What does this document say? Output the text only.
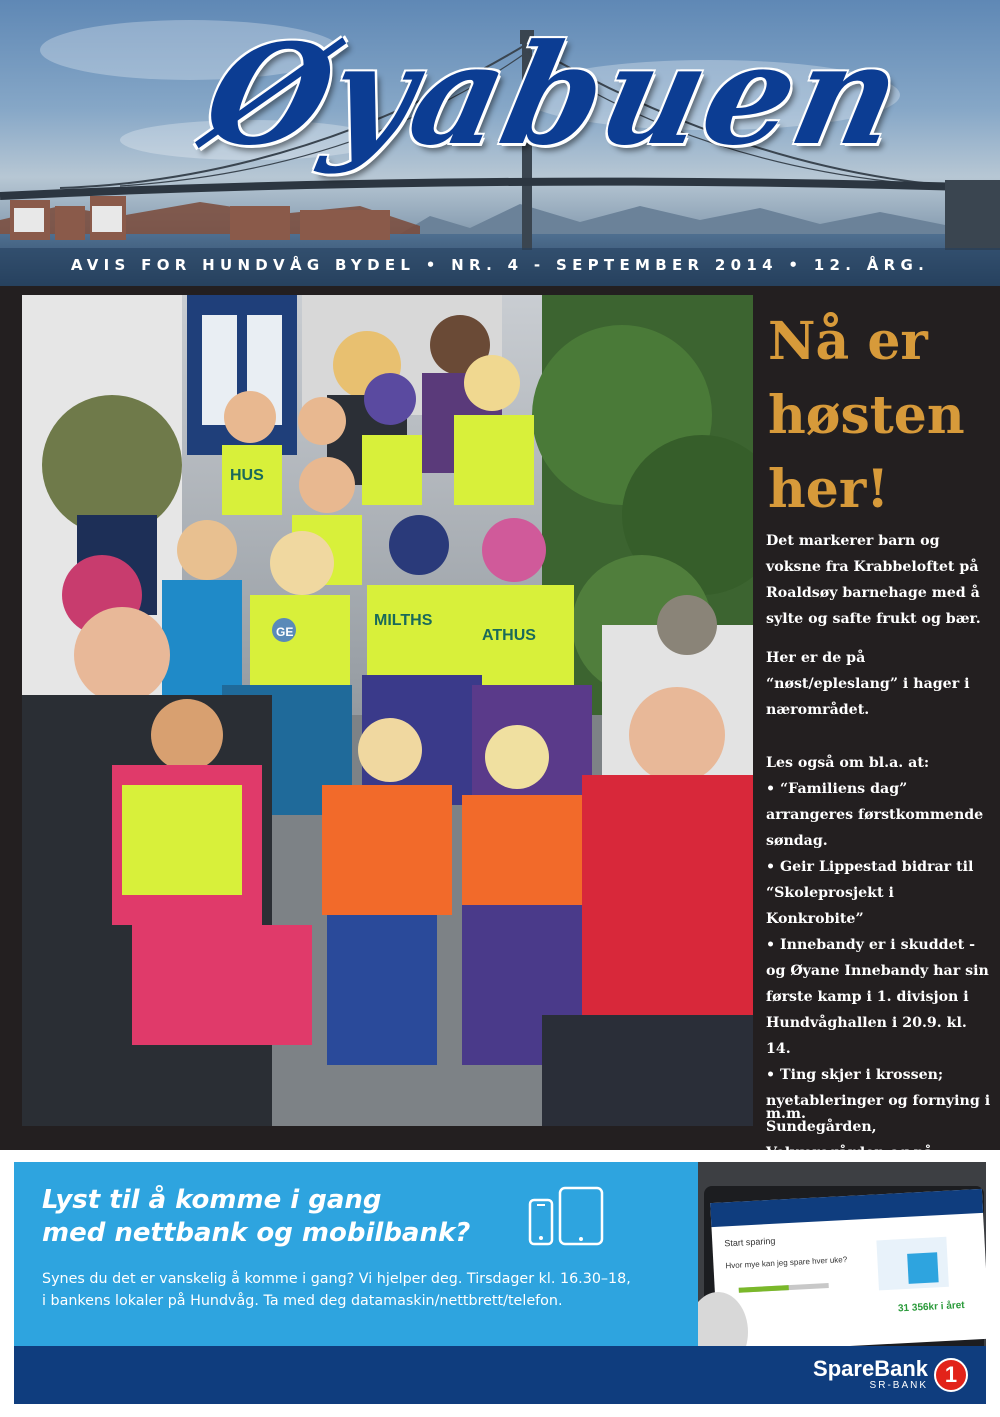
Øyabuen
AVIS FOR HUNDVÅG BYDEL • NR. 4 - SEPTEMBER 2014 • 12. ÅRG.
HUS
MILTHS
ATHUS
GE
Nå er
høsten
her!

Det markerer barn og voksne fra Krabbeloftet på Roaldsøy barnehage med å sylte og safte frukt og bær.

Her er de på “nøst/epleslang” i hager i nærområdet.

Les også om bl.a. at:

• “Familiens dag” arrangeres førstkommende søndag.

• Geir Lippestad bidrar til “Skoleprosjekt i Konkrobite”

• Innebandy er i skuddet - og Øyane Innebandy har sin første kamp i 1. divisjon i Hundvåghallen i 20.9. kl. 14.

• Ting skjer i krossen; nyetableringer og fornying i Sundegården, Velværegården og på

m.m.

Lyst til å komme i gang
med nettbank og mobilbank?
Synes du det er vanskelig å komme i gang? Vi hjelper deg. Tirsdager kl. 16.30–18,
i bankens lokaler på Hundvåg. Ta med deg datamaskin/nettbrett/telefon.
Start sparing
Hvor mye kan jeg spare hver uke?
31 356kr i året
SpareBank
SR-BANK 1
